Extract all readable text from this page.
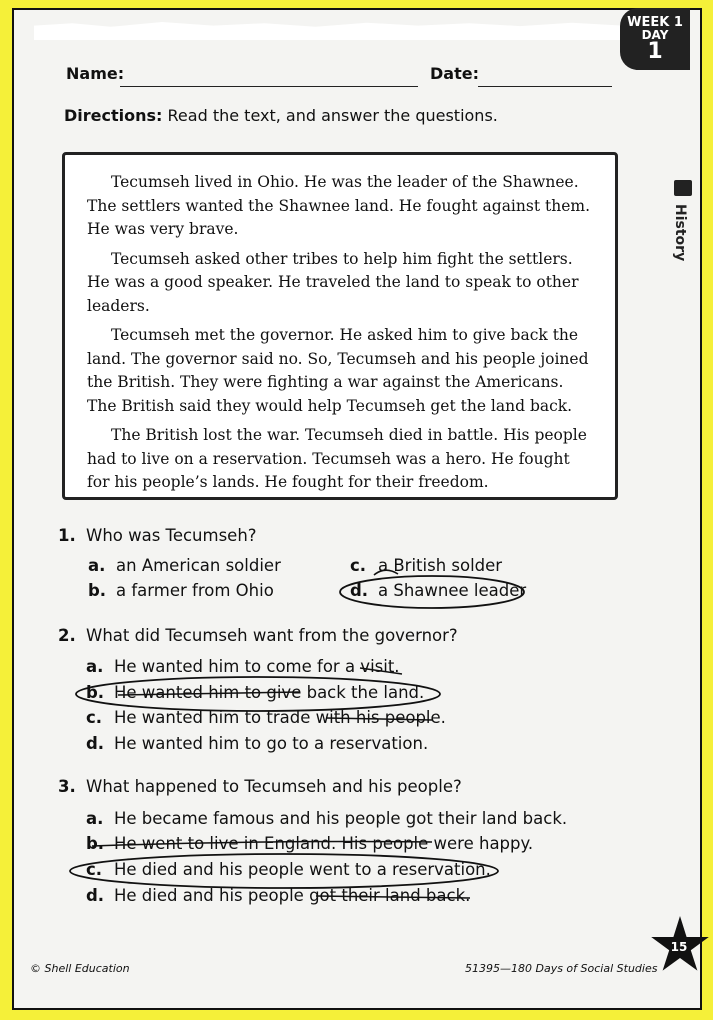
WEEK 1
DAY
1
History
Name:	Date:
Directions: Read the text, and answer the questions.

Tecumseh lived in Ohio. He was the leader of the Shawnee. The settlers wanted the Shawnee land. He fought against them. He was very brave.

Tecumseh asked other tribes to help him fight the settlers. He was a good speaker. He traveled the land to speak to other leaders.

Tecumseh met the governor. He asked him to give back the land. The governor said no. So, Tecumseh and his people joined the British. They were fighting a war against the Americans. The British said they would help Tecumseh get the land back.

The British lost the war. Tecumseh died in battle. His people had to live on a reservation. Tecumseh was a hero. He fought for his people’s lands. He fought for their freedom.

1. Who was Tecumseh?
a. an American soldier
b. a farmer from Ohio
c. a British solder
d. a Shawnee leader
2. What did Tecumseh want from the governor?
a. He wanted him to come for a visit.
b. He wanted him to give back the land.
c. He wanted him to trade with his people.
d. He wanted him to go to a reservation.
3. What happened to Tecumseh and his people?
a. He became famous and his people got their land back.
b. He went to live in England. His people were happy.
c. He died and his people went to a reservation.
d. He died and his people got their land back.
© Shell Education	51395—180 Days of Social Studies
15
